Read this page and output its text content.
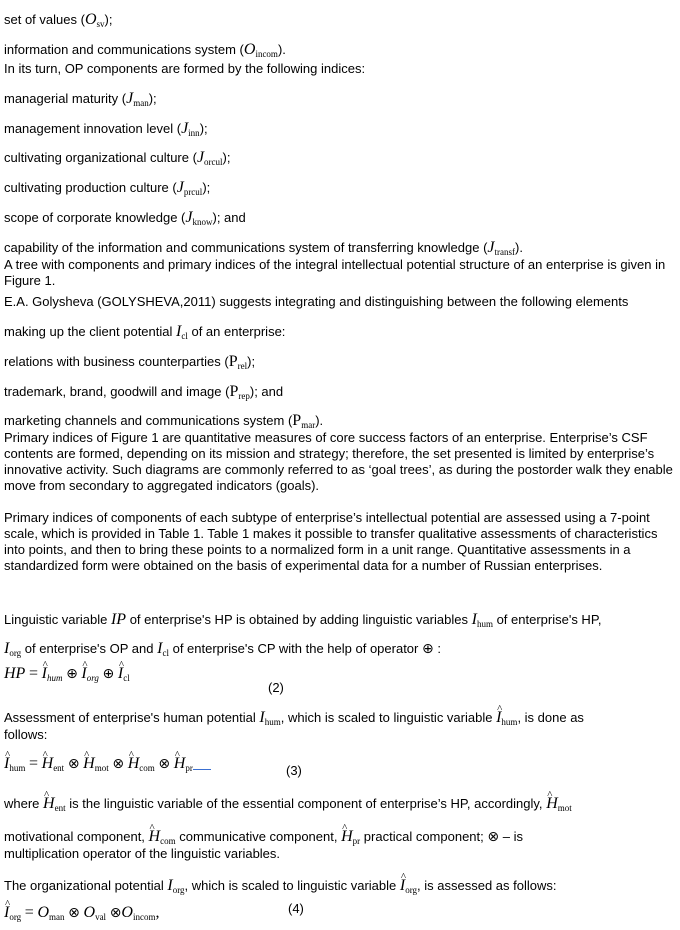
set of values $(O_{sv})$;
information and communications system $(O_{incom})$.
In its turn, OP components are formed by the following indices:
managerial maturity $(J_{man})$;
management innovation level $(J_{inn})$;
cultivating organizational culture $(J_{orcul})$;
cultivating production culture $(J_{prcul})$;
scope of corporate knowledge $(J_{know})$; and
capability of the information and communications system of transferring knowledge $(J_{transf})$.
A tree with components and primary indices of the integral intellectual potential structure of an enterprise is given in Figure 1.
E.A. Golysheva (GOLYSHEVA,2011) suggests integrating and distinguishing between the following elements
making up the client potential $I_{cl}$ of an enterprise:
relations with business counterparties $(P_{rel})$;
trademark, brand, goodwill and image $(P_{rep})$; and
marketing channels and communications system $(P_{mar})$.
Primary indices of Figure 1 are quantitative measures of core success factors of an enterprise. Enterprise’s CSF contents are formed, depending on its mission and strategy; therefore, the set presented is limited by enterprise’s innovative activity. Such diagrams are commonly referred to as ‘goal trees’, as during the postorder walk they enable move from secondary to aggregated indicators (goals).
Primary indices of components of each subtype of enterprise’s intellectual potential are assessed using a 7-point scale, which is provided in Table 1. Table 1 makes it possible to transfer qualitative assessments of characteristics into points, and then to bring these points to a normalized form in a unit range. Quantitative assessments in a standardized form were obtained on the basis of experimental data for a number of Russian enterprises.
Linguistic variable IP of enterprise's HP is obtained by adding linguistic variables $I_{hum}$ of enterprise's HP,
$I_{org}$ of enterprise's OP and $I_{cl}$ of enterprise's CP with the help of operator ⊕ :
HP = ^ $I_{hum}$ ⊕ ^ $I_{org}$ ⊕ ^ $I_{cl}$
(2)
Assessment of enterprise's human potential $I_{hum}$, which is scaled to linguistic variable ^ $I_{hum}$, is done as
follows:
^ $I_{hum}$ = ^ $H_{ent}$ ⊗ ^ $H_{mot}$ ⊗ ^ $H_{com}$ ⊗ ^ $H_{pr}$	(3)
where ^ $H_{ent}$ is the linguistic variable of the essential component of enterprise’s HP, accordingly, ^ $H_{mot}$
motivational component, ^ $H_{com}$ communicative component, ^ $H_{pr}$ practical component; ⊗ – is
multiplication operator of the linguistic variables.
The organizational potential $I_{org}$, which is scaled to linguistic variable ^ $I_{org}$, is assessed as follows:
^ $I_{org} = O_{man}$ ⊗ $O_{val}$ $\otimes O_{incom}$,	(4)
